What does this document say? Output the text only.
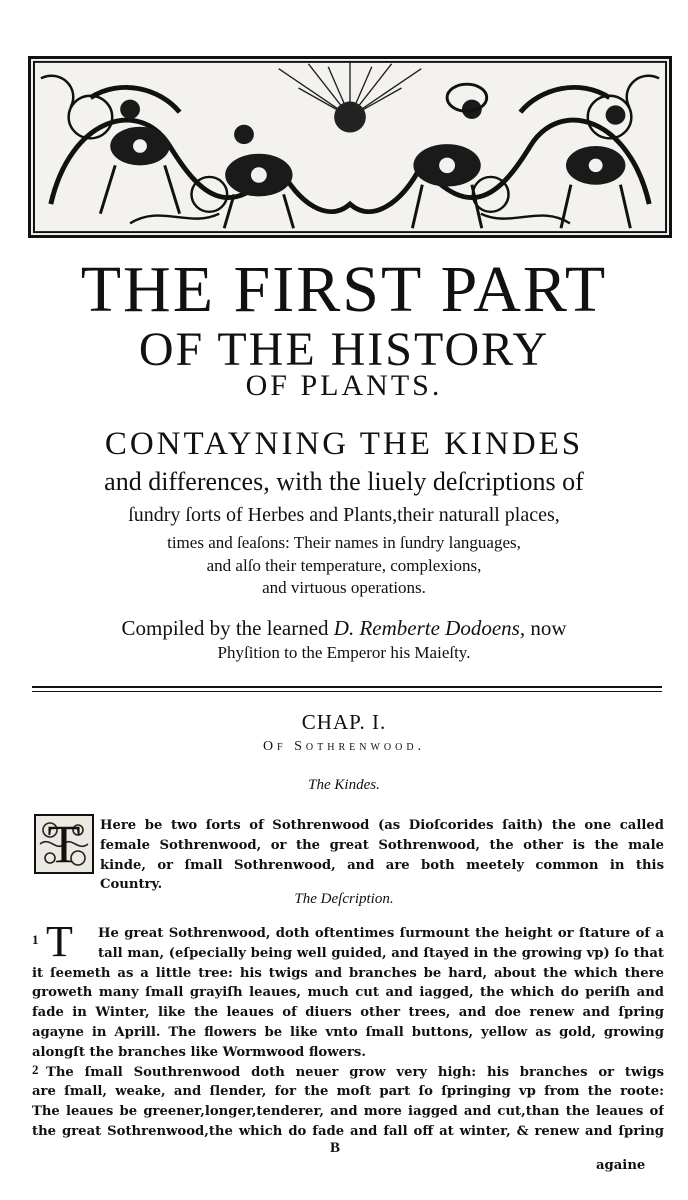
THE FIRST PART
OF THE HISTORY
OF PLANTS.
CONTAYNING THE KINDES
and differences, with the liuely deſcriptions of
ſundry ſorts of Herbes and Plants,their naturall places,
times and ſeaſons: Their names in ſundry languages,
and alſo their temperature, complexions,
and virtuous operations.
Compiled by the learned D. Remberte Dodoens, now
Phyſition to the Emperor his Maieſty.
CHAP. I.
Of Sothrenwood.
The Kindes.
T	Here be two ſorts of Sothrenwood (as Dioſcorides ſaith) the one called
female Sothrenwood, or the great Sothrenwood, the other is the male
kinde, or ſmall Sothrenwood, and are both meetely common in this
Country.
The Deſcription.
1 T	He great Sothrenwood, doth oftentimes ſurmount the height or ſtature of a
tall man, (eſpecially being well guided, and ſtayed in the growing vp) ſo that
it ſeemeth as a little tree: his twigs and branches be hard, about the which there
groweth many ſmall grayiſh leaues, much cut and iagged, the which do periſh and
fade in Winter, like the leaues of diuers other trees, and doe renew and ſpring
agayne in Aprill. The flowers be like vnto ſmall buttons, yellow as gold, growing
alongſt the branches like Wormwood flowers.
The ſmall Southrenwood doth neuer grow very high: his branches or twigs
are ſmall, weake, and ſlender, for the moſt part ſo ſpringing vp from the roote:
The leaues be greener,longer,tenderer, and more iagged and cut,than the leaues of
the great Sothrenwood,the which do fade and fall off at winter, & renew and ſpring
2
B
againe
